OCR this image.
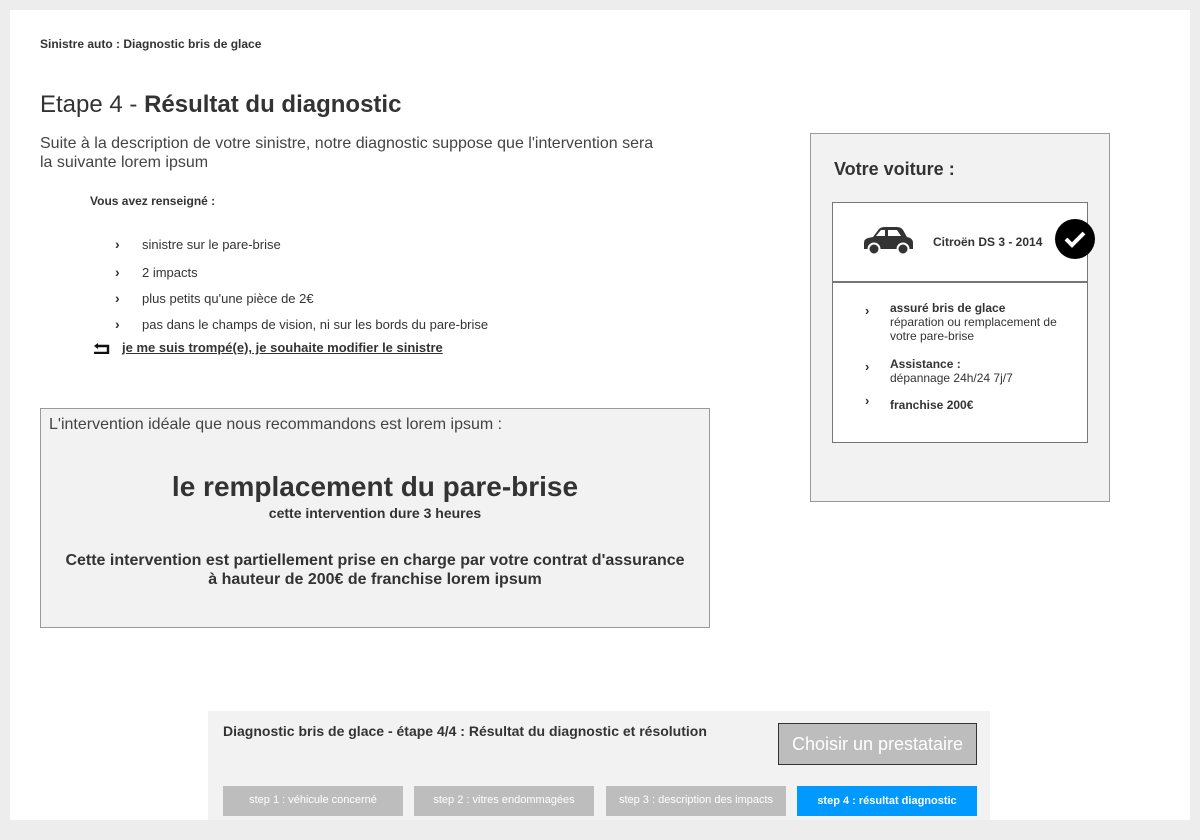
Sinistre auto : Diagnostic bris de glace
Etape 4 - Résultat du diagnostic

Suite à la description de votre sinistre, notre diagnostic suppose que l'intervention sera la suivante lorem ipsum

Vous avez renseigné :
›	sinistre sur le pare-brise
›	2 impacts
›	plus petits qu'une pièce de 2€
›	pas dans le champs de vision, ni sur les bords du pare-brise
je me suis trompé(e), je souhaite modifier le sinistre
L'intervention idéale que nous recommandons est lorem ipsum :
le remplacement du pare-brise
cette intervention dure 3 heures
Cette intervention est partiellement prise en charge par votre contrat d'assurance
à hauteur de 200€ de franchise lorem ipsum
Votre voiture :
Citroën DS 3 - 2014
›	assuré bris de glace
réparation ou remplacement de votre pare-brise
›	Assistance :
dépannage 24h/24 7j/7
›	franchise 200€
Diagnostic bris de glace - étape 4/4 : Résultat du diagnostic et résolution
Choisir un prestataire
step 1 : véhicule concerné	step 2 : vitres endommagées	step 3 : description des impacts	step 4 : résultat diagnostic
